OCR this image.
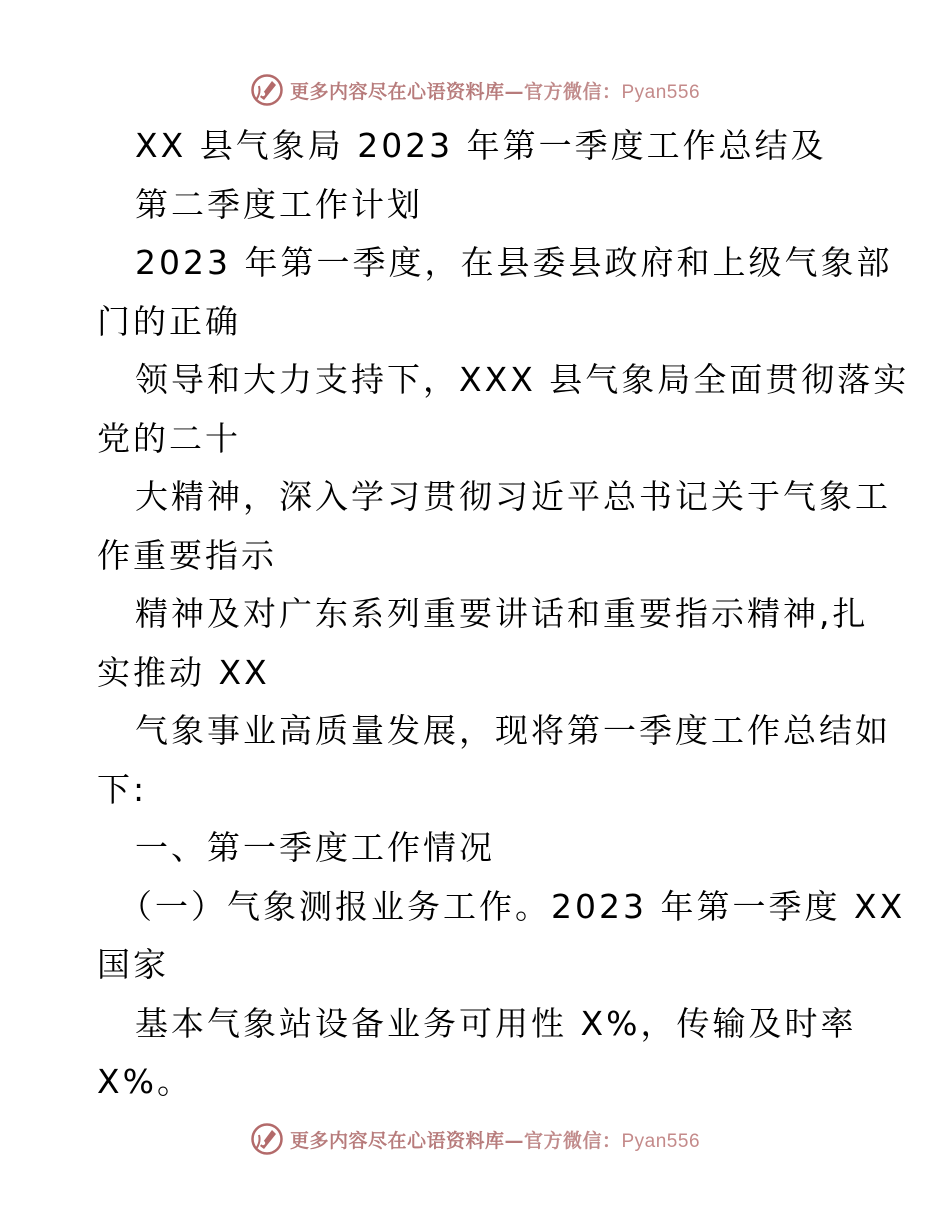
更多内容尽在心语资料库—官方微信：Pyan556
XX 县气象局 2023 年第一季度工作总结及
第二季度工作计划
2023 年第一季度，在县委县政府和上级气象部
门的正确
领导和大力支持下，XXX 县气象局全面贯彻落实
党的二十
大精神，深入学习贯彻习近平总书记关于气象工
作重要指示
精神及对广东系列重要讲话和重要指示精神,扎
实推动 XX
气象事业高质量发展，现将第一季度工作总结如
下:
一、第一季度工作情况
（一）气象测报业务工作。2023 年第一季度 XX
国家
基本气象站设备业务可用性 X%，传输及时率
X%。
更多内容尽在心语资料库—官方微信：Pyan556
